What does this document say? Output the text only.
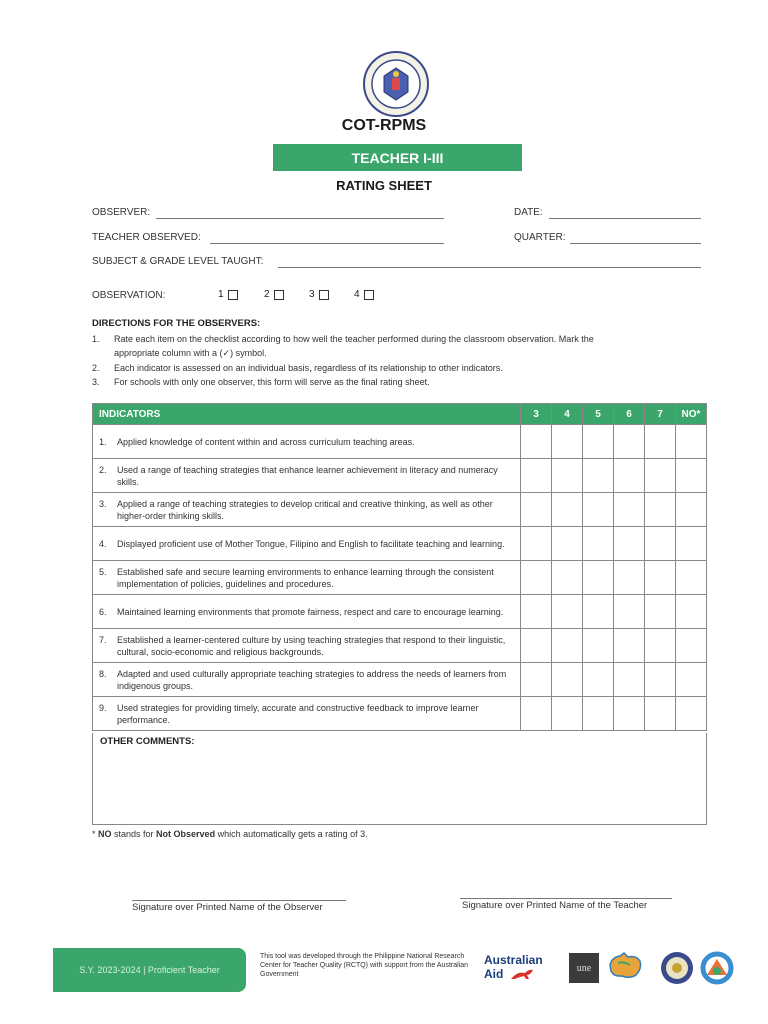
COT-RPMS
TEACHER I-III
RATING SHEET
OBSERVER:	DATE:
TEACHER OBSERVED:	QUARTER:
SUBJECT & GRADE LEVEL TAUGHT:
OBSERVATION:	1	2	3	4
DIRECTIONS FOR THE OBSERVERS:
1. Rate each item on the checklist according to how well the teacher performed during the classroom observation. Mark the
appropriate column with a (✓) symbol.
2. Each indicator is assessed on an individual basis, regardless of its relationship to other indicators.
3. For schools with only one observer, this form will serve as the final rating sheet.
INDICATORS	3	4	5	6	7	NO*
1. Applied knowledge of content within and across curriculum teaching areas.						
2. Used a range of teaching strategies that enhance learner achievement in literacy and numeracy skills.						
3. Applied a range of teaching strategies to develop critical and creative thinking, as well as other higher-order thinking skills.						
4. Displayed proficient use of Mother Tongue, Filipino and English to facilitate teaching and learning.						
5. Established safe and secure learning environments to enhance learning through the consistent implementation of policies, guidelines and procedures.						
6. Maintained learning environments that promote fairness, respect and care to encourage learning.						
7. Established a learner-centered culture by using teaching strategies that respond to their linguistic, cultural, socio-economic and religious backgrounds.						
8. Adapted and used culturally appropriate teaching strategies to address the needs of learners from indigenous groups.						
9. Used strategies for providing timely, accurate and constructive feedback to improve learner performance.						
OTHER COMMENTS:
* NO stands for Not Observed which automatically gets a rating of 3.
Signature over Printed Name of the Observer	Signature over Printed Name of the Teacher
S.Y. 2023-2024 | Proficient Teacher
This tool was developed through the Philippine National Research Center for Teacher Quality (RCTQ) with support from the Australian Government
Australian
Aid	une
